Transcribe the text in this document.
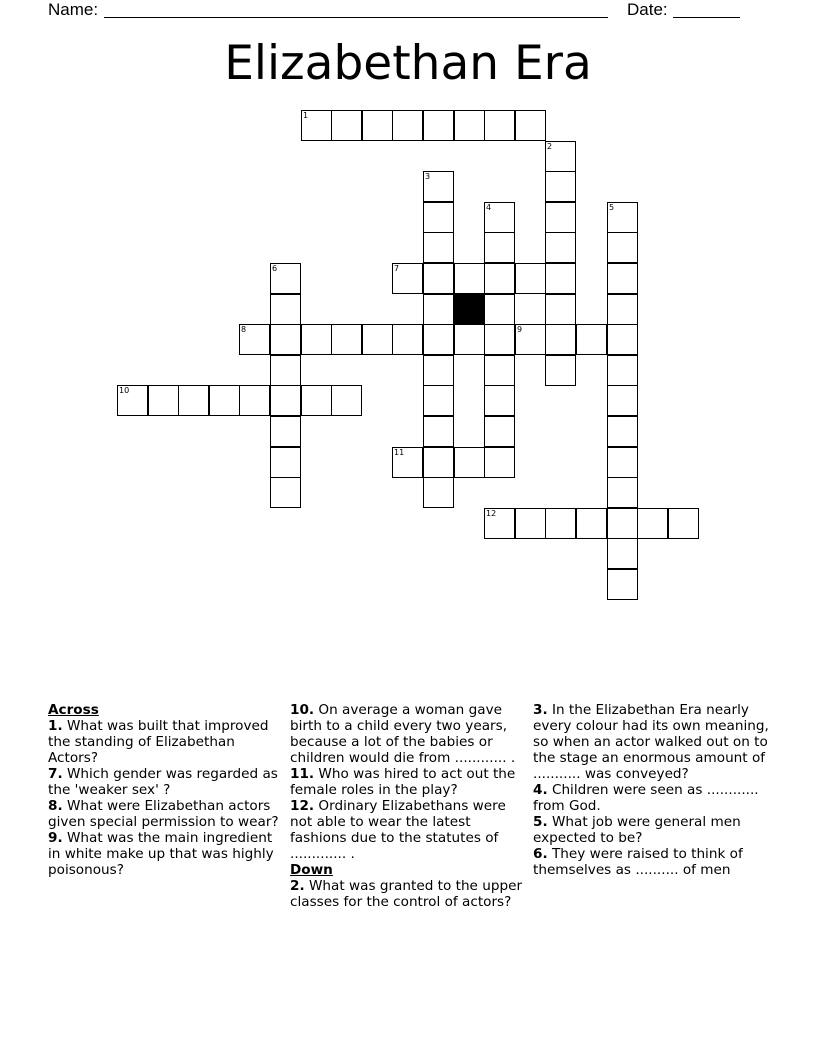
Name:	Date:
Elizabethan Era
1
2
3
4	5
6	7
8	9
10
11
12
Across

1. What was built that improved the standing of Elizabethan Actors?

7. Which gender was regarded as the 'weaker sex' ?

8. What were Elizabethan actors given special permission to wear?

9. What was the main ingredient in white make up that was highly poisonous?

10. On average a woman gave birth to a child every two years, because a lot of the babies or children would die from ............ .

11. Who was hired to act out the female roles in the play?

12. Ordinary Elizabethans were not able to wear the latest fashions due to the statutes of ............. .

Down

2. What was granted to the upper classes for the control of actors?

3. In the Elizabethan Era nearly every colour had its own meaning, so when an actor walked out on to the stage an enormous amount of ........... was conveyed?

4. Children were seen as ............ from God.

5. What job were general men expected to be?

6. They were raised to think of themselves as .......... of men
